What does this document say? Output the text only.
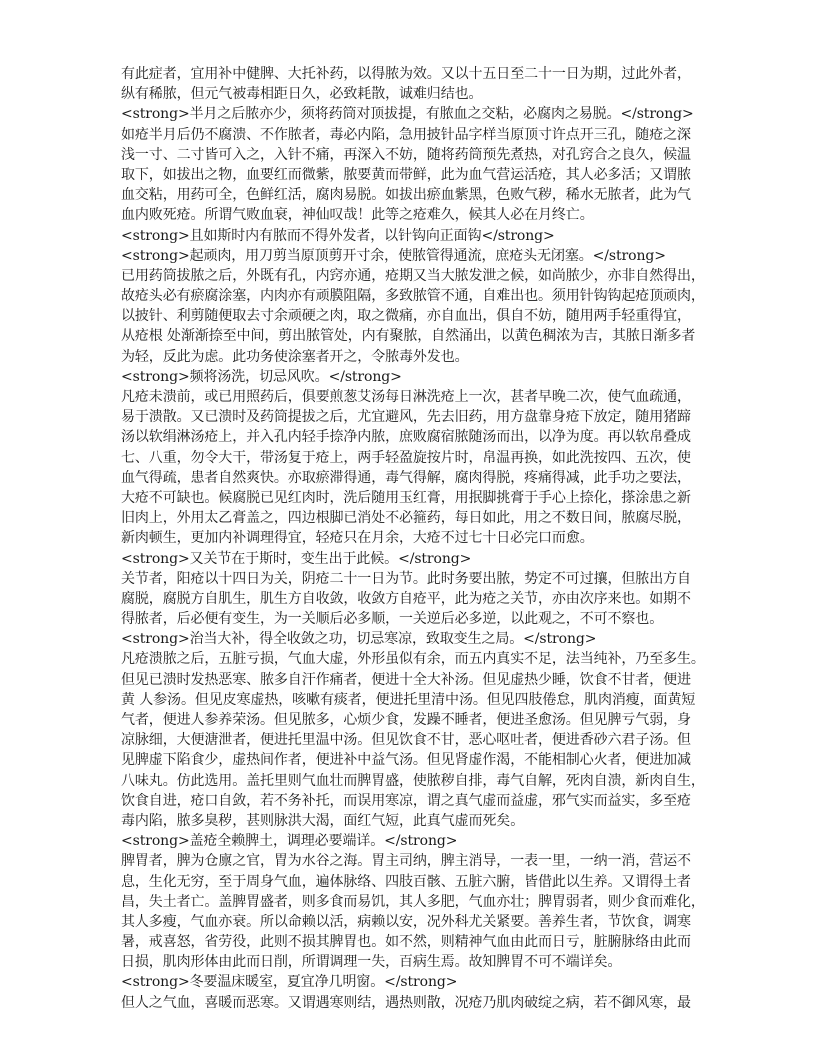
有此症者，宜用补中健脾、大托补药，以得脓为效。又以十五日至二十一日为期，过此外者，
纵有稀脓，但元气被毒相距日久，必致耗散，诚难归结也。
<strong>半月之后脓亦少，须将药筒对顶拔提，有脓血之交粘，必腐肉之易脱。</strong>
如疮半月后仍不腐溃、不作脓者，毒必内陷，急用披针品字样当原顶寸许点开三孔，随疮之深
浅一寸、二寸皆可入之，入针不痛，再深入不妨，随将药筒预先煮热，对孔窍合之良久，候温
取下，如拔出之物，血要红而微紫，脓要黄而带鲜，此为血气营运活疮，其人必多活；又谓脓
血交粘，用药可全，色鲜红活，腐肉易脱。如拔出瘀血紫黑，色败气秽，稀水无脓者，此为气
血内败死疮。所谓气败血衰，神仙叹哉！此等之疮难久，候其人必在月终亡。
<strong>且如斯时内有脓而不得外发者，以针钩向正面钩</strong>
<strong>起顽肉，用刀剪当原顶剪开寸余，使脓管得通流，庶疮头无闭塞。</strong>
已用药筒拔脓之后，外既有孔，内窍亦通，疮期又当大脓发泄之候，如尚脓少，亦非自然得出，
故疮头必有瘀腐涂塞，内肉亦有顽膜阻隔，多致脓管不通，自难出也。须用针钩钩起疮顶顽肉，
以披针、利剪随便取去寸余顽硬之肉，取之微痛，亦自血出，俱自不妨，随用两手轻重得宜，
从疮根 处渐渐捺至中间，剪出脓管处，内有聚脓，自然涌出，以黄色稠浓为吉，其脓日渐多者
为轻，反此为虑。此功务使涂塞者开之，令脓毒外发也。
<strong>频将汤洗，切忌风吹。</strong>
凡疮未溃前，或已用照药后，俱要煎葱艾汤每日淋洗疮上一次，甚者早晚二次，使气血疏通，
易于溃散。又已溃时及药筒提拔之后，尤宜避风，先去旧药，用方盘靠身疮下放定，随用猪蹄
汤以软绢淋汤疮上，并入孔内轻手捺净内脓，庶败腐宿脓随汤而出，以净为度。再以软帛叠成
七、八重，勿令大干，带汤复于疮上，两手轻盈旋按片时，帛温再换，如此洗按四、五次，使
血气得疏，患者自然爽快。亦取瘀滞得通，毒气得解，腐肉得脱，疼痛得减，此手功之要法，
大疮不可缺也。候腐脱已见红肉时，洗后随用玉红膏，用抿脚挑膏于手心上捺化，搽涂患之新
旧肉上，外用太乙膏盖之，四边根脚已消处不必箍药，每日如此，用之不数日间，脓腐尽脱，
新肉顿生，更加内补调理得宜，轻疮只在月余，大疮不过七十日必完口而愈。
<strong>又关节在于斯时，变生出于此候。</strong>
关节者，阳疮以十四日为关，阴疮二十一日为节。此时务要出脓，势定不可过攘，但脓出方自
腐脱，腐脱方自肌生，肌生方自收敛，收敛方自疮平，此为疮之关节，亦由次序来也。如期不
得脓者，后必便有变生，为一关顺后必多顺，一关逆后必多逆，以此观之，不可不察也。
<strong>治当大补，得全收敛之功，切忌寒凉，致取变生之局。</strong>
凡疮溃脓之后，五脏亏损，气血大虚，外形虽似有余，而五内真实不足，法当纯补，乃至多生。
但见已溃时发热恶寒、脓多自汗作痛者，便进十全大补汤。但见虚热少睡，饮食不甘者，便进
黄 人参汤。但见皮寒虚热，咳嗽有痰者，便进托里清中汤。但见四肢倦怠，肌肉消瘦，面黄短
气者，便进人参养荣汤。但见脓多，心烦少食，发躁不睡者，便进圣愈汤。但见脾亏气弱，身
凉脉细，大便溏泄者，便进托里温中汤。但见饮食不甘，恶心呕吐者，便进香砂六君子汤。但
见脾虚下陷食少，虚热间作者，便进补中益气汤。但见肾虚作渴，不能相制心火者，便进加减
八味丸。仿此选用。盖托里则气血壮而脾胃盛，使脓秽自排，毒气自解，死肉自溃，新肉自生，
饮食自进，疮口自敛，若不务补托，而误用寒凉，谓之真气虚而益虚，邪气实而益实，多至疮
毒内陷，脓多臭秽，甚则脉洪大渴，面红气短，此真气虚而死矣。
<strong>盖疮全赖脾土，调理必要端详。</strong>
脾胃者，脾为仓廪之官，胃为水谷之海。胃主司纳，脾主消导，一表一里，一纳一消，营运不
息，生化无穷，至于周身气血，遍体脉络、四肢百骸、五脏六腑，皆借此以生养。又谓得土者
昌，失土者亡。盖脾胃盛者，则多食而易饥，其人多肥，气血亦壮；脾胃弱者，则少食而难化，
其人多瘦，气血亦衰。所以命赖以活，病赖以安，况外科尤关紧要。善养生者，节饮食，调寒
暑，戒喜怒，省劳役，此则不损其脾胃也。如不然，则精神气血由此而日亏，脏腑脉络由此而
日损，肌肉形体由此而日削，所谓调理一失，百病生焉。故知脾胃不可不端详矣。
<strong>冬要温床暖室，夏宜净几明窗。</strong>
但人之气血，喜暖而恶寒。又谓遇寒则结，遇热则散，况疮乃肌肉破绽之病，若不御风寒，最
